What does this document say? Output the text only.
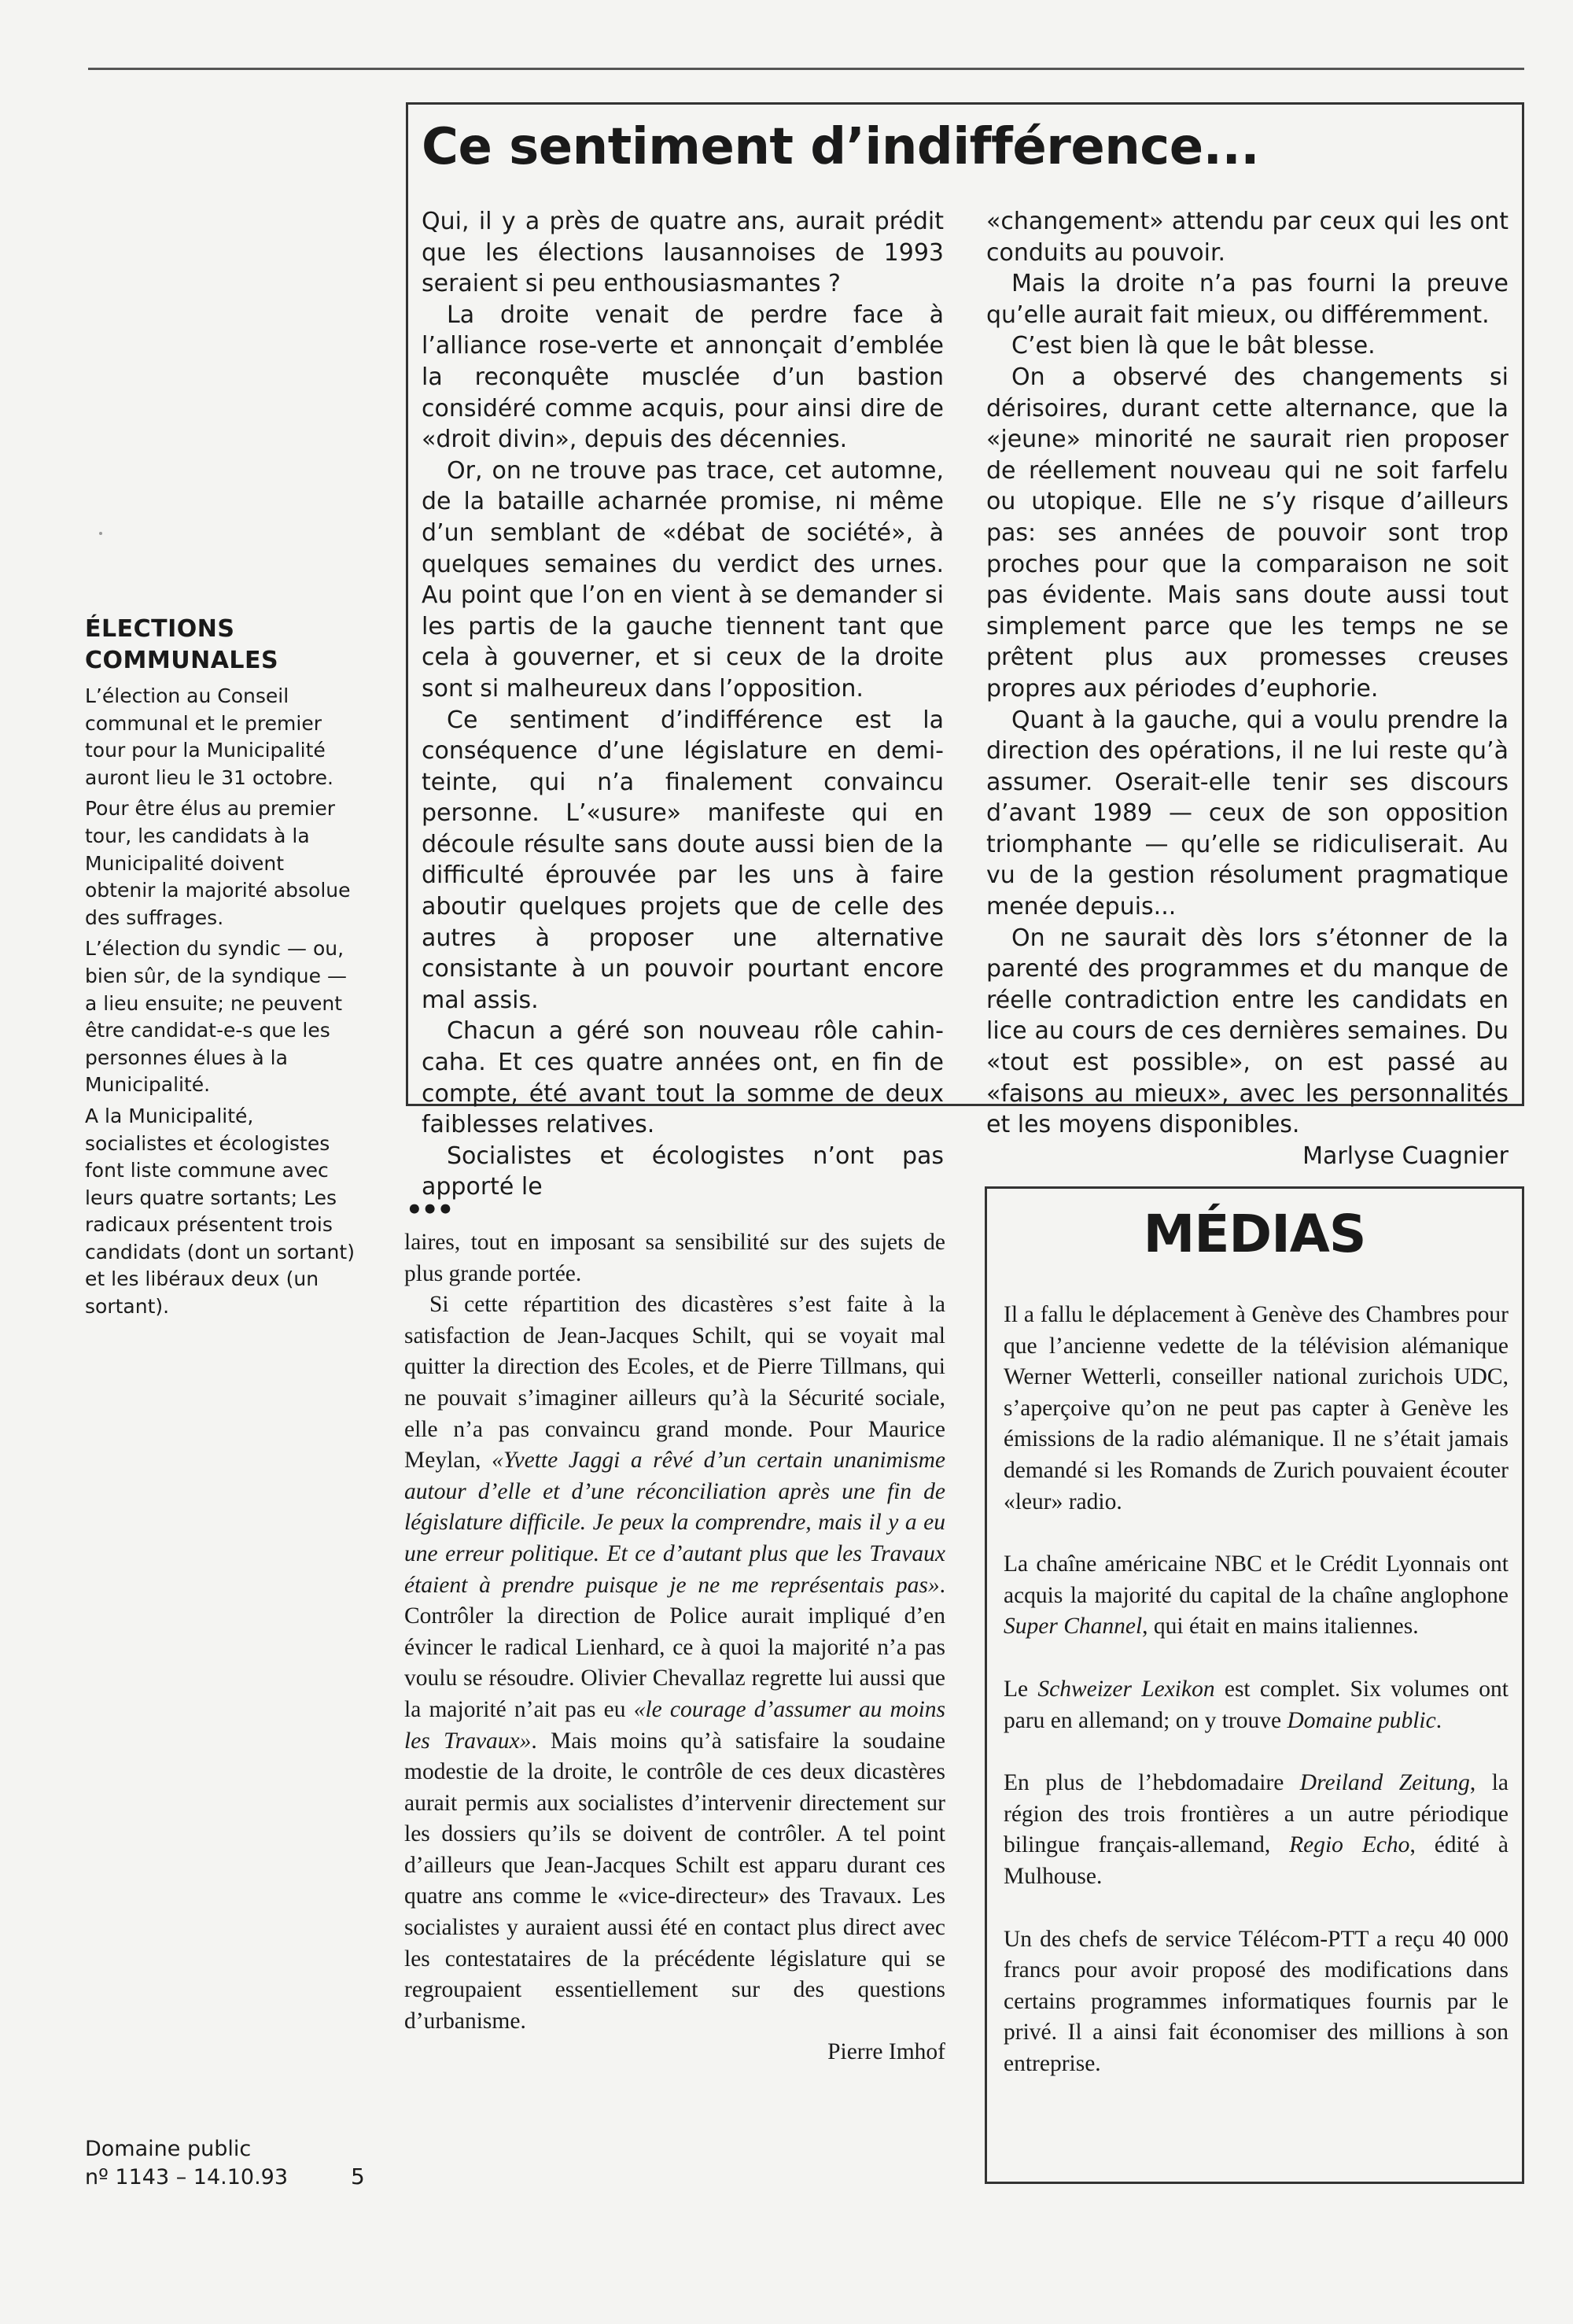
Ce sentiment d’indifférence...

Qui, il y a près de quatre ans, aurait prédit que les élections lausannoises de 1993 seraient si peu enthousiasmantes ?

La droite venait de perdre face à l’alliance rose-verte et annonçait d’emblée la reconquête musclée d’un bastion considéré comme acquis, pour ainsi dire de «droit divin», depuis des décennies.

Or, on ne trouve pas trace, cet automne, de la bataille acharnée promise, ni même d’un semblant de «débat de société», à quelques semaines du verdict des urnes. Au point que l’on en vient à se demander si les partis de la gauche tiennent tant que cela à gouverner, et si ceux de la droite sont si malheureux dans l’opposition.

Ce sentiment d’indifférence est la conséquence d’une législature en demi-teinte, qui n’a finalement convaincu personne. L’«usure» manifeste qui en découle résulte sans doute aussi bien de la difficulté éprouvée par les uns à faire aboutir quelques projets que de celle des autres à proposer une alternative consistante à un pouvoir pourtant encore mal assis.

Chacun a géré son nouveau rôle cahin-caha. Et ces quatre années ont, en fin de compte, été avant tout la somme de deux faiblesses relatives.

Socialistes et écologistes n’ont pas apporté le

«changement» attendu par ceux qui les ont conduits au pouvoir.

Mais la droite n’a pas fourni la preuve qu’elle aurait fait mieux, ou différemment.

C’est bien là que le bât blesse.

On a observé des changements si dérisoires, durant cette alternance, que la «jeune» minorité ne saurait rien proposer de réellement nouveau qui ne soit farfelu ou utopique. Elle ne s’y risque d’ailleurs pas: ses années de pouvoir sont trop proches pour que la comparaison ne soit pas évidente. Mais sans doute aussi tout simplement parce que les temps ne se prêtent plus aux promesses creuses propres aux périodes d’euphorie.

Quant à la gauche, qui a voulu prendre la direction des opérations, il ne lui reste qu’à assumer. Oserait-elle tenir ses discours d’avant 1989 — ceux de son opposition triomphante — qu’elle se ridiculiserait. Au vu de la gestion résolument pragmatique menée depuis...

On ne saurait dès lors s’étonner de la parenté des programmes et du manque de réelle contradiction entre les candidats en lice au cours de ces dernières semaines. Du «tout est possible», on est passé au «faisons au mieux», avec les personnalités et les moyens disponibles.

Marlyse Cuagnier

ÉLECTIONS
COMMUNALES

L’élection au Conseil communal et le premier tour pour la Municipalité auront lieu le 31 octobre.

Pour être élus au premier tour, les candidats à la Municipalité doivent obtenir la majorité absolue des suffrages.

L’élection du syndic — ou, bien sûr, de la syndique — a lieu ensuite; ne peuvent être candidat-e-s que les personnes élues à la Municipalité.

A la Municipalité, socialistes et écologistes font liste commune avec leurs quatre sortants; Les radicaux présentent trois candidats (dont un sortant) et les libéraux deux (un sortant).

•••

laires, tout en imposant sa sensibilité sur des sujets de plus grande portée.

Si cette répartition des dicastères s’est faite à la satisfaction de Jean-Jacques Schilt, qui se voyait mal quitter la direction des Ecoles, et de Pierre Tillmans, qui ne pouvait s’imaginer ailleurs qu’à la Sécurité sociale, elle n’a pas convaincu grand monde. Pour Maurice Meylan, «Yvette Jaggi a rêvé d’un certain unanimisme autour d’elle et d’une réconciliation après une fin de législature difficile. Je peux la comprendre, mais il y a eu une erreur politique. Et ce d’autant plus que les Travaux étaient à prendre puisque je ne me représentais pas». Contrôler la direction de Police aurait impliqué d’en évincer le radical Lienhard, ce à quoi la majorité n’a pas voulu se résoudre. Olivier Chevallaz regrette lui aussi que la majorité n’ait pas eu «le courage d’assumer au moins les Travaux». Mais moins qu’à satisfaire la soudaine modestie de la droite, le contrôle de ces deux dicastères aurait permis aux socialistes d’intervenir directement sur les dossiers qu’ils se doivent de contrôler. A tel point d’ailleurs que Jean-Jacques Schilt est apparu durant ces quatre ans comme le «vice-directeur» des Travaux. Les socialistes y auraient aussi été en contact plus direct avec les contestataires de la précédente législature qui se regroupaient essentiellement sur des questions d’urbanisme.

Pierre Imhof

MÉDIAS

Il a fallu le déplacement à Genève des Chambres pour que l’ancienne vedette de la télévision alémanique Werner Wetterli, conseiller national zurichois UDC, s’aperçoive qu’on ne peut pas capter à Genève les émissions de la radio alémanique. Il ne s’était jamais demandé si les Romands de Zurich pouvaient écouter «leur» radio.

La chaîne américaine NBC et le Crédit Lyonnais ont acquis la majorité du capital de la chaîne anglophone Super Channel, qui était en mains italiennes.

Le Schweizer Lexikon est complet. Six volumes ont paru en allemand; on y trouve Domaine public.

En plus de l’hebdomadaire Dreiland Zeitung, la région des trois frontières a un autre périodique bilingue français-allemand, Regio Echo, édité à Mulhouse.

Un des chefs de service Télécom-PTT a reçu 40 000 francs pour avoir proposé des modifications dans certains programmes informatiques fournis par le privé. Il a ainsi fait économiser des millions à son entreprise.

Domaine public
nº 1143 – 14.10.93	5
